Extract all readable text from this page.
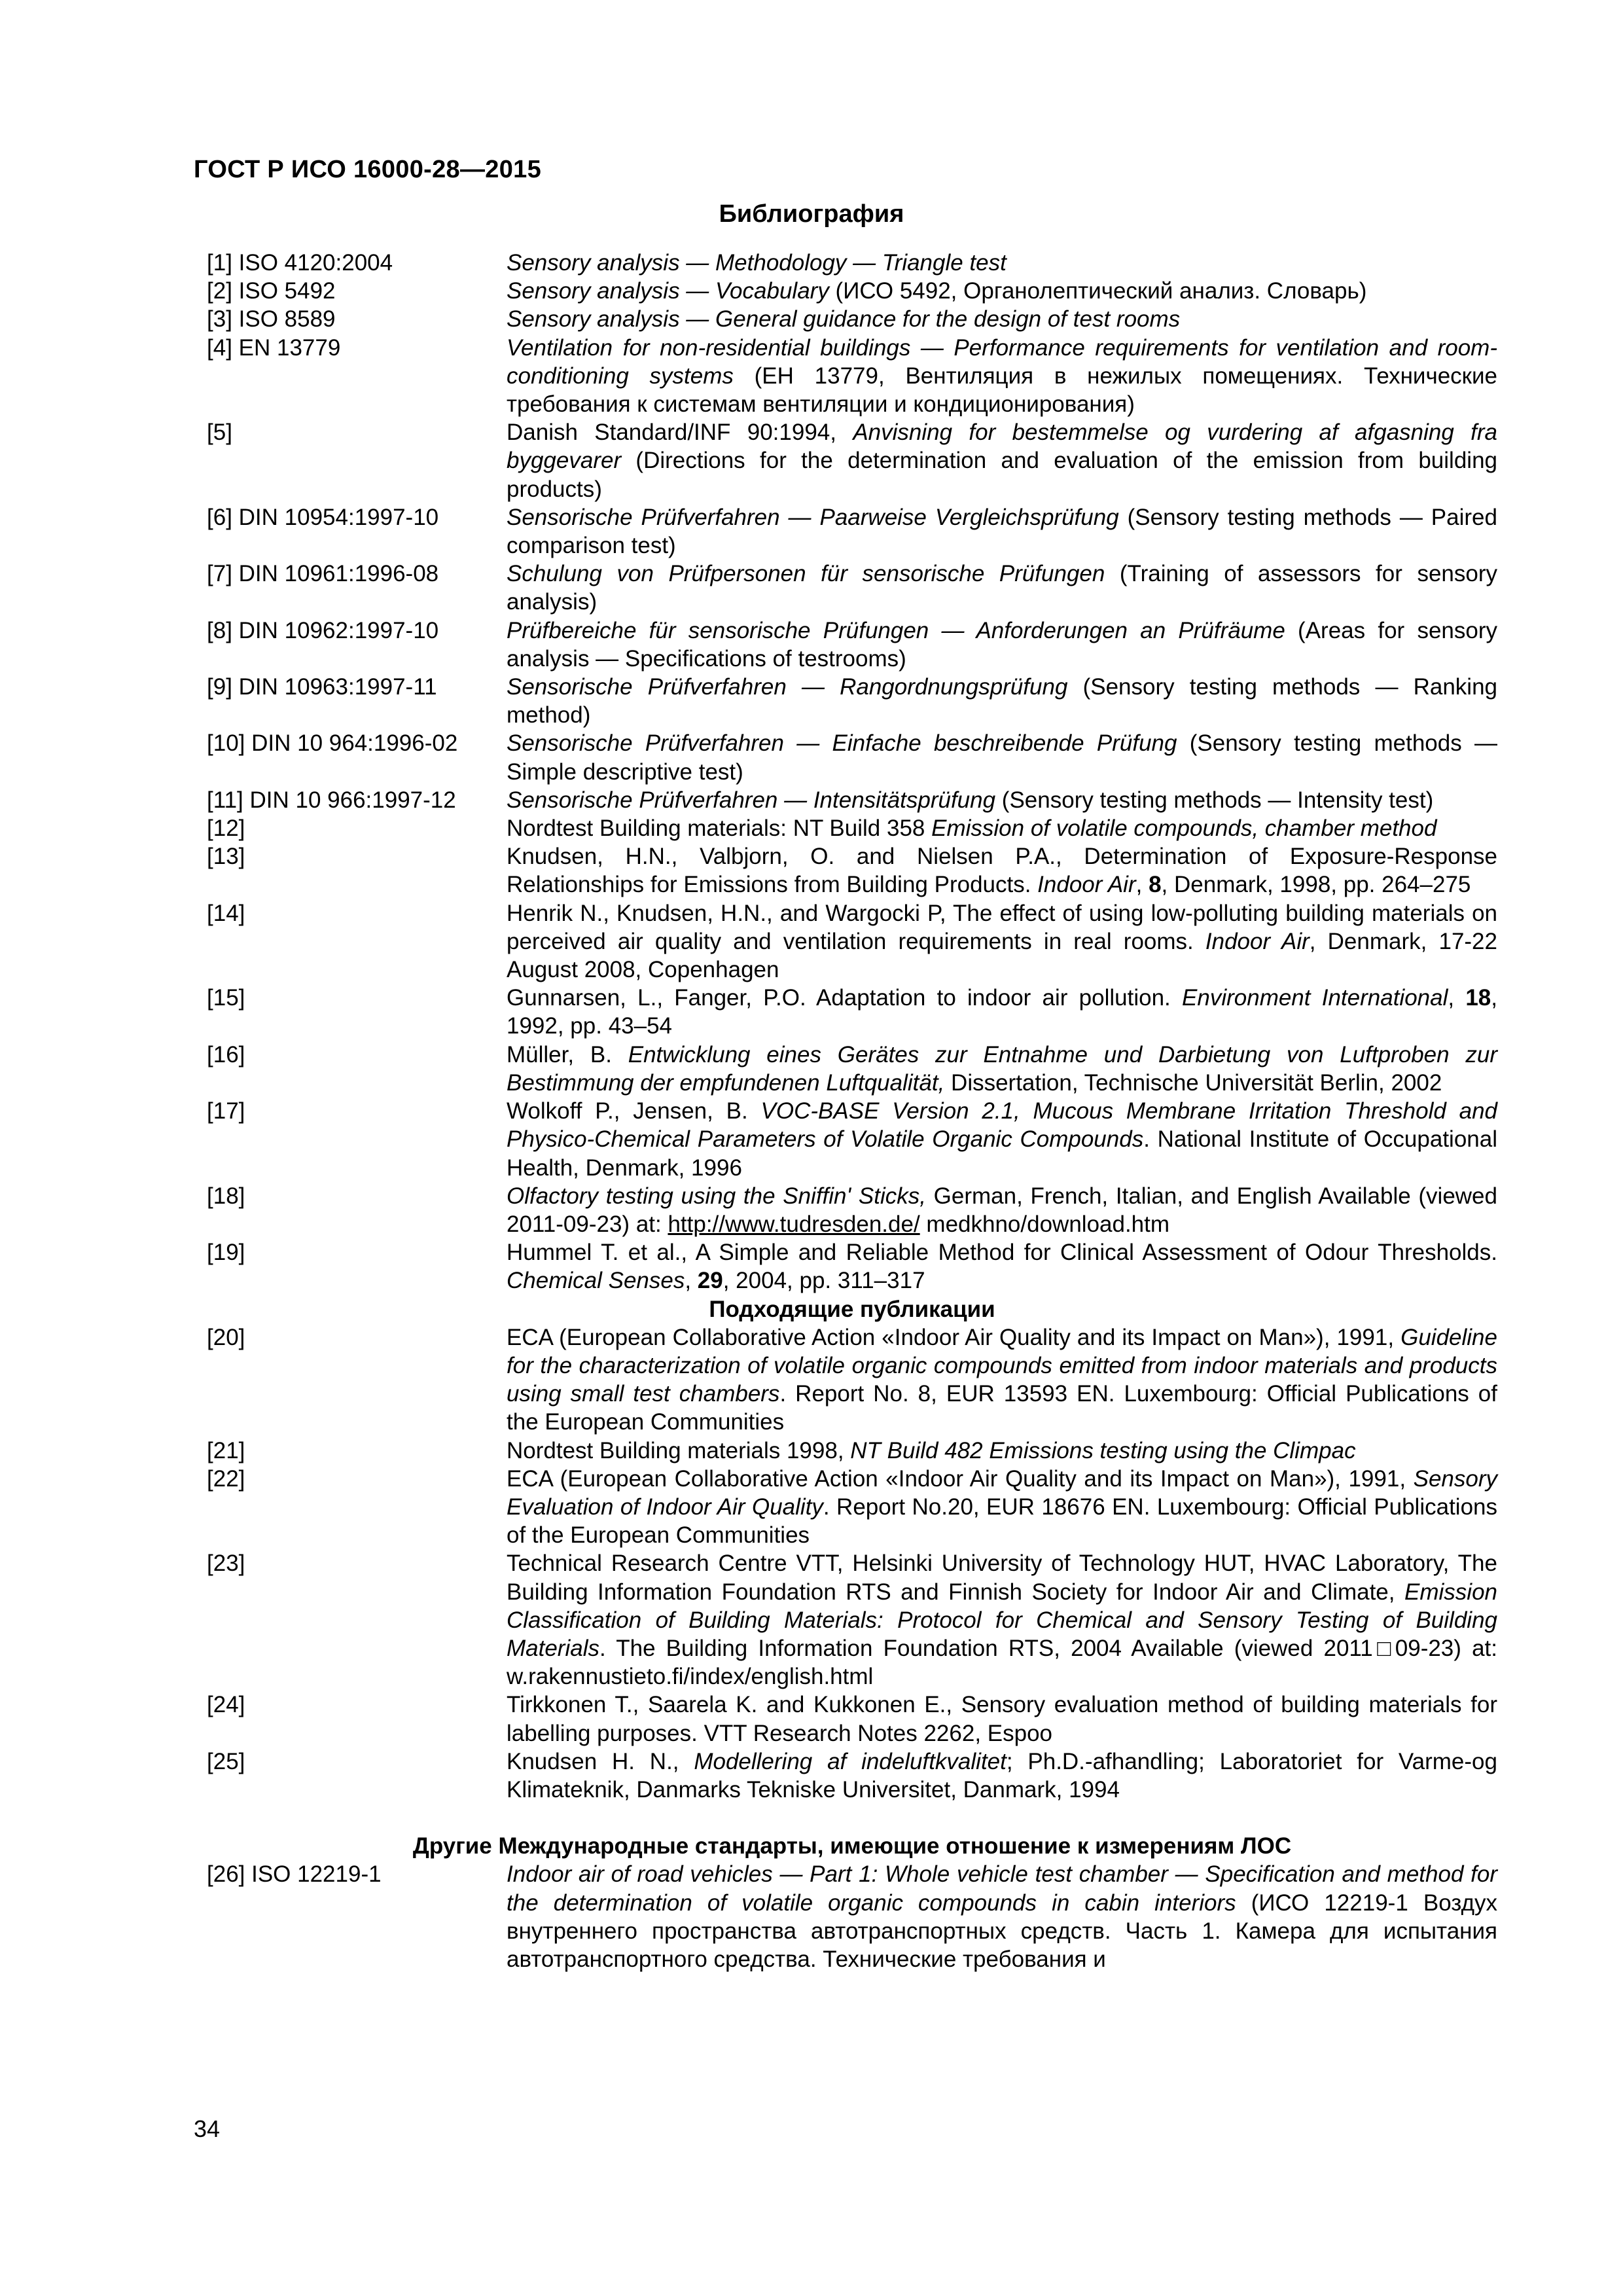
ГОСТ Р ИСО 16000-28—2015
Библиография
[1] ISO 4120:2004	Sensory analysis — Methodology — Triangle test
[2] ISO 5492	Sensory analysis — Vocabulary (ИСО 5492, Органолептический анализ. Словарь)
[3] ISO 8589	Sensory analysis — General guidance for the design of test rooms
[4] EN 13779	Ventilation for non-residential buildings — Performance requirements for ventilation and room-conditioning systems (EH 13779, Вентиляция в нежилых помещениях. Технические требования к системам вентиляции и кондиционирования)
[5]	Danish Standard/INF 90:1994, Anvisning for bestemmelse og vurdering af afgasning fra byggevarer (Directions for the determination and evaluation of the emission from building products)
[6] DIN 10954:1997-10	Sensorische Prüfverfahren — Paarweise Vergleichsprüfung (Sensory testing methods — Paired comparison test)
[7] DIN 10961:1996-08	Schulung von Prüfpersonen für sensorische Prüfungen (Training of assessors for sensory analysis)
[8] DIN 10962:1997-10	Prüfbereiche für sensorische Prüfungen — Anforderungen an Prüfräume (Areas for sensory analysis — Specifications of testrooms)
[9] DIN 10963:1997-11	Sensorische Prüfverfahren — Rangordnungsprüfung (Sensory testing methods — Ranking method)
[10] DIN 10 964:1996-02	Sensorische Prüfverfahren — Einfache beschreibende Prüfung (Sensory testing methods — Simple descriptive test)
[11] DIN 10 966:1997-12	Sensorische Prüfverfahren — Intensitätsprüfung (Sensory testing methods — Intensity test)
[12]	Nordtest Building materials: NT Build 358 Emission of volatile compounds, chamber method
[13]	Knudsen, H.N., Valbjorn, O. and Nielsen P.A., Determination of Exposure-Response Relationships for Emissions from Building Products. Indoor Air, 8, Denmark, 1998, pp. 264–275
[14]	Henrik N., Knudsen, H.N., and Wargocki P, The effect of using low-polluting building materials on perceived air quality and ventilation requirements in real rooms. Indoor Air, Denmark, 17-22 August 2008, Copenhagen
[15]	Gunnarsen, L., Fanger, P.O. Adaptation to indoor air pollution. Environment International, 18, 1992, pp. 43–54
[16]	Müller, B. Entwicklung eines Gerätes zur Entnahme und Darbietung von Luftproben zur Bestimmung der empfundenen Luftqualität, Dissertation, Technische Universität Berlin, 2002
[17]	Wolkoff P., Jensen, B. VOC-BASE Version 2.1, Mucous Membrane Irritation Threshold and Physico-Chemical Parameters of Volatile Organic Compounds. National Institute of Occupational Health, Denmark, 1996
[18]	Olfactory testing using the Sniffin' Sticks, German, French, Italian, and English Available (viewed 2011-09-23) at: http://www.tudresden.de/ medkhno/download.htm
[19]	Hummel T. et al., A Simple and Reliable Method for Clinical Assessment of Odour Thresholds. Chemical Senses, 29, 2004, pp. 311–317
Подходящие публикации
[20]	ECA (European Collaborative Action «Indoor Air Quality and its Impact on Man»), 1991, Guideline for the characterization of volatile organic compounds emitted from indoor materials and products using small test chambers. Report No. 8, EUR 13593 EN. Luxembourg: Official Publications of the European Communities
[21]	Nordtest Building materials 1998, NT Build 482 Emissions testing using the Climpac
[22]	ECA (European Collaborative Action «Indoor Air Quality and its Impact on Man»), 1991, Sensory Evaluation of Indoor Air Quality. Report No.20, EUR 18676 EN. Luxembourg: Official Publications of the European Communities
[23]	Technical Research Centre VTT, Helsinki University of Technology HUT, HVAC Laboratory, The Building Information Foundation RTS and Finnish Society for Indoor Air and Climate, Emission Classification of Building Materials: Protocol for Chemical and Sensory Testing of Building Materials. The Building Information Foundation RTS, 2004 Available (viewed 2011□09-23) at: w.rakennustieto.fi/index/english.html
[24]	Tirkkonen T., Saarela K. and Kukkonen E., Sensory evaluation method of building materials for labelling purposes. VTT Research Notes 2262, Espoo
[25]	Knudsen H. N., Modellering af indeluftkvalitet; Ph.D.-afhandling; Laboratoriet for Varme-og Klimateknik, Danmarks Tekniske Universitet, Danmark, 1994
Другие Международные стандарты, имеющие отношение к измерениям ЛОС
[26] ISO 12219-1	Indoor air of road vehicles — Part 1: Whole vehicle test chamber — Specification and method for the determination of volatile organic compounds in cabin interiors (ИСО 12219-1 Воздух внутреннего пространства автотранспортных средств. Часть 1. Камера для испытания автотранспортного средства. Технические требования и
34
